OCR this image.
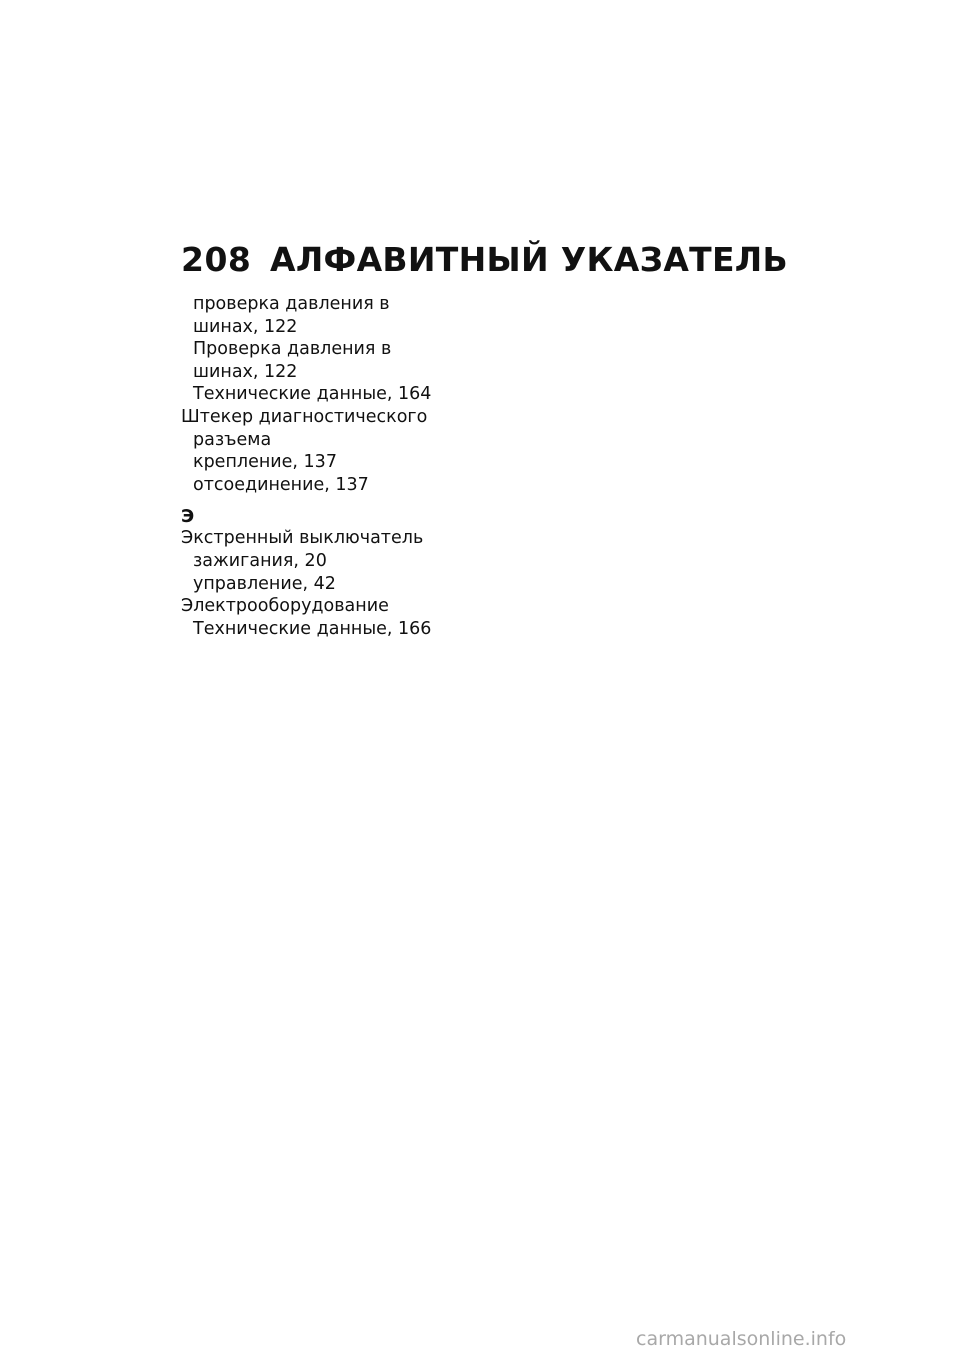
208 АЛФАВИТНЫЙ УКАЗАТЕЛЬ
проверка давления в
шинах, 122
Проверка давления в
шинах, 122
Технические данные, 164
Штекер диагностического
разъема
крепление, 137
отсоединение, 137
Э
Экстренный выключатель
зажигания, 20
управление, 42
Электрооборудование
Технические данные, 166
carmanualsonline.info
